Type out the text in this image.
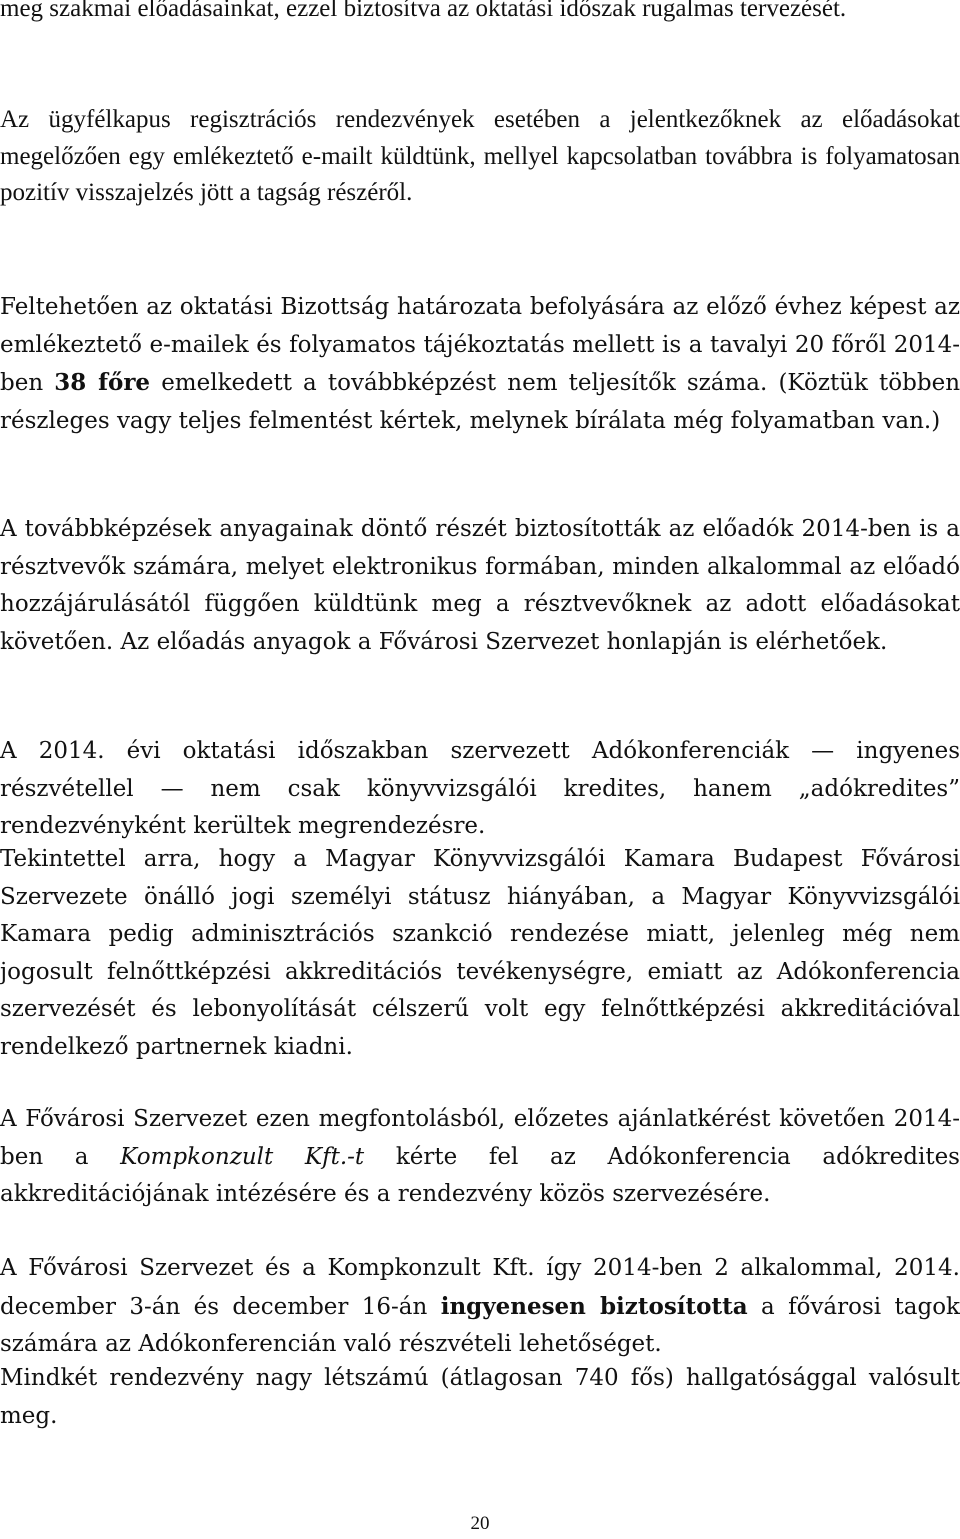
meg szakmai előadásainkat, ezzel biztosítva az oktatási időszak rugalmas tervezését.

Az ügyfélkapus regisztrációs rendezvények esetében a jelentkezőknek az előadásokat megelőzően egy emlékeztető e-mailt küldtünk, mellyel kapcsolatban továbbra is folyamatosan pozitív visszajelzés jött a tagság részéről.

Feltehetően az oktatási Bizottság határozata befolyására az előző évhez képest az emlékeztető e-mailek és folyamatos tájékoztatás mellett is a tavalyi 20 főről 2014-ben 38 főre emelkedett a továbbképzést nem teljesítők száma. (Köztük többen részleges vagy teljes felmentést kértek, melynek bírálata még folyamatban van.)

A továbbképzések anyagainak döntő részét biztosították az előadók 2014-ben is a résztvevők számára, melyet elektronikus formában, minden alkalommal az előadó hozzájárulásától függően küldtünk meg a résztvevőknek az adott előadásokat követően. Az előadás anyagok a Fővárosi Szervezet honlapján is elérhetőek.

A 2014. évi oktatási időszakban szervezett Adókonferenciák — ingyenes részvétellel — nem csak könyvvizsgálói kredites, hanem „adókredites” rendezvényként kerültek megrendezésre.

Tekintettel arra, hogy a Magyar Könyvvizsgálói Kamara Budapest Fővárosi Szervezete önálló jogi személyi státusz hiányában, a Magyar Könyvvizsgálói Kamara pedig adminisztrációs szankció rendezése miatt, jelenleg még nem jogosult felnőttképzési akkreditációs tevékenységre, emiatt az Adókonferencia szervezését és lebonyolítását célszerű volt egy felnőttképzési akkreditációval rendelkező partnernek kiadni.

A Fővárosi Szervezet ezen megfontolásból, előzetes ajánlatkérést követően 2014-ben a Kompkonzult Kft.-t kérte fel az Adókonferencia adókredites akkreditációjának intézésére és a rendezvény közös szervezésére.

A Fővárosi Szervezet és a Kompkonzult Kft. így 2014-ben 2 alkalommal, 2014. december 3-án és december 16-án ingyenesen biztosította a fővárosi tagok számára az Adókonferencián való részvételi lehetőséget.

Mindkét rendezvény nagy létszámú (átlagosan 740 fős) hallgatósággal valósult meg.

20
